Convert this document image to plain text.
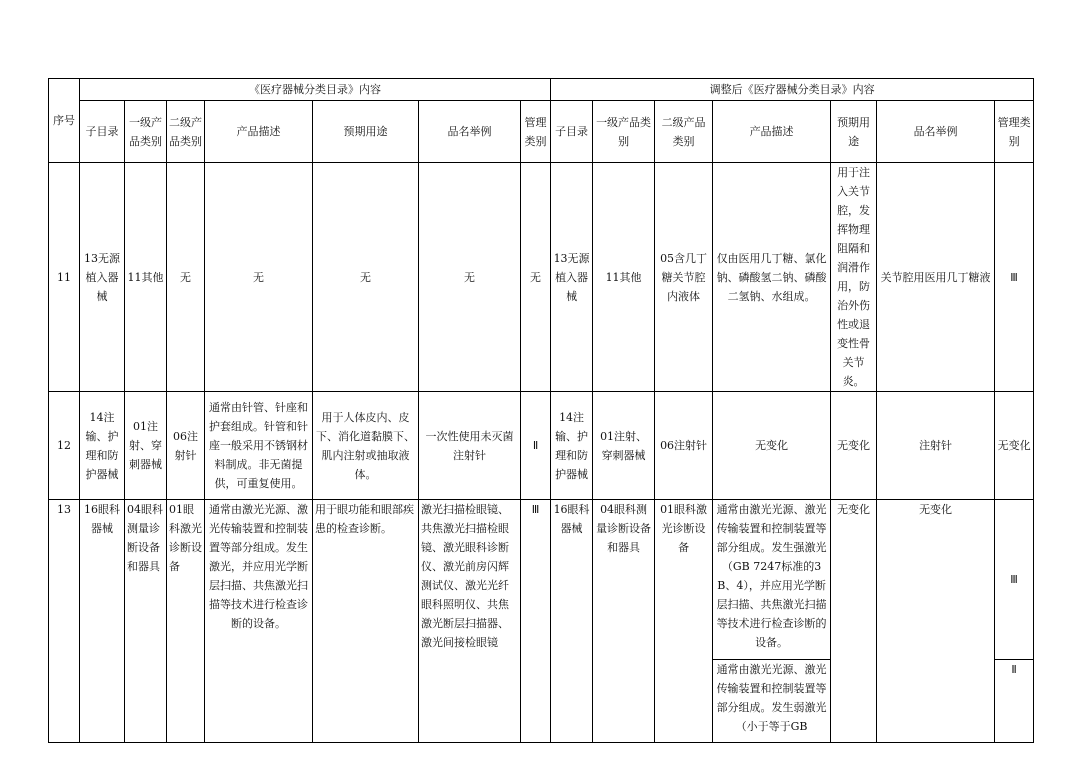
序号	《医疗器械分类目录》内容							调整后《医疗器械分类目录》内容						
	子目录	一级产品类别	二级产品类别	产品描述	预期用途	品名举例	管理类别	子目录	一级产品类别	二级产品类别	产品描述	预期用途	品名举例	管理类别
11	13无源植入器械	11其他	无	无	无	无	无	13无源植入器械	11其他	05含几丁糖关节腔内液体	仅由医用几丁糖、氯化钠、磷酸氢二钠、磷酸二氢钠、水组成。	用于注入关节腔，发挥物理阻隔和润滑作用，防治外伤性或退变性骨关节炎。	关节腔用医用几丁糖液	Ⅲ
12	14注输、护理和防护器械	01注射、穿刺器械	06注射针	通常由针管、针座和护套组成。针管和针座一般采用不锈钢材料制成。非无菌提供，可重复使用。	用于人体皮内、皮下、消化道黏膜下、肌内注射或抽取液体。	一次性使用未灭菌注射针	Ⅱ	14注输、护理和防护器械	01注射、穿刺器械	06注射针	无变化	无变化	注射针	无变化
13	16眼科器械	04眼科测量诊断设备和器具	01眼科激光诊断设备	通常由激光光源、激光传输装置和控制装置等部分组成。发生激光，并应用光学断层扫描、共焦激光扫描等技术进行检查诊断的设备。	用于眼功能和眼部疾患的检查诊断。	激光扫描检眼镜、共焦激光扫描检眼镜、激光眼科诊断仪、激光前房闪辉测试仪、激光光纤眼科照明仪、共焦激光断层扫描器、激光间接检眼镜	Ⅲ	16眼科器械	04眼科测量诊断设备和器具	01眼科激光诊断设备	通常由激光光源、激光传输装置和控制装置等部分组成。发生强激光（GB 7247标准的3B、4），并应用光学断层扫描、共焦激光扫描等技术进行检查诊断的设备。	无变化	无变化	Ⅲ
											通常由激光光源、激光传输装置和控制装置等部分组成。发生弱激光（小于等于GB			Ⅱ
